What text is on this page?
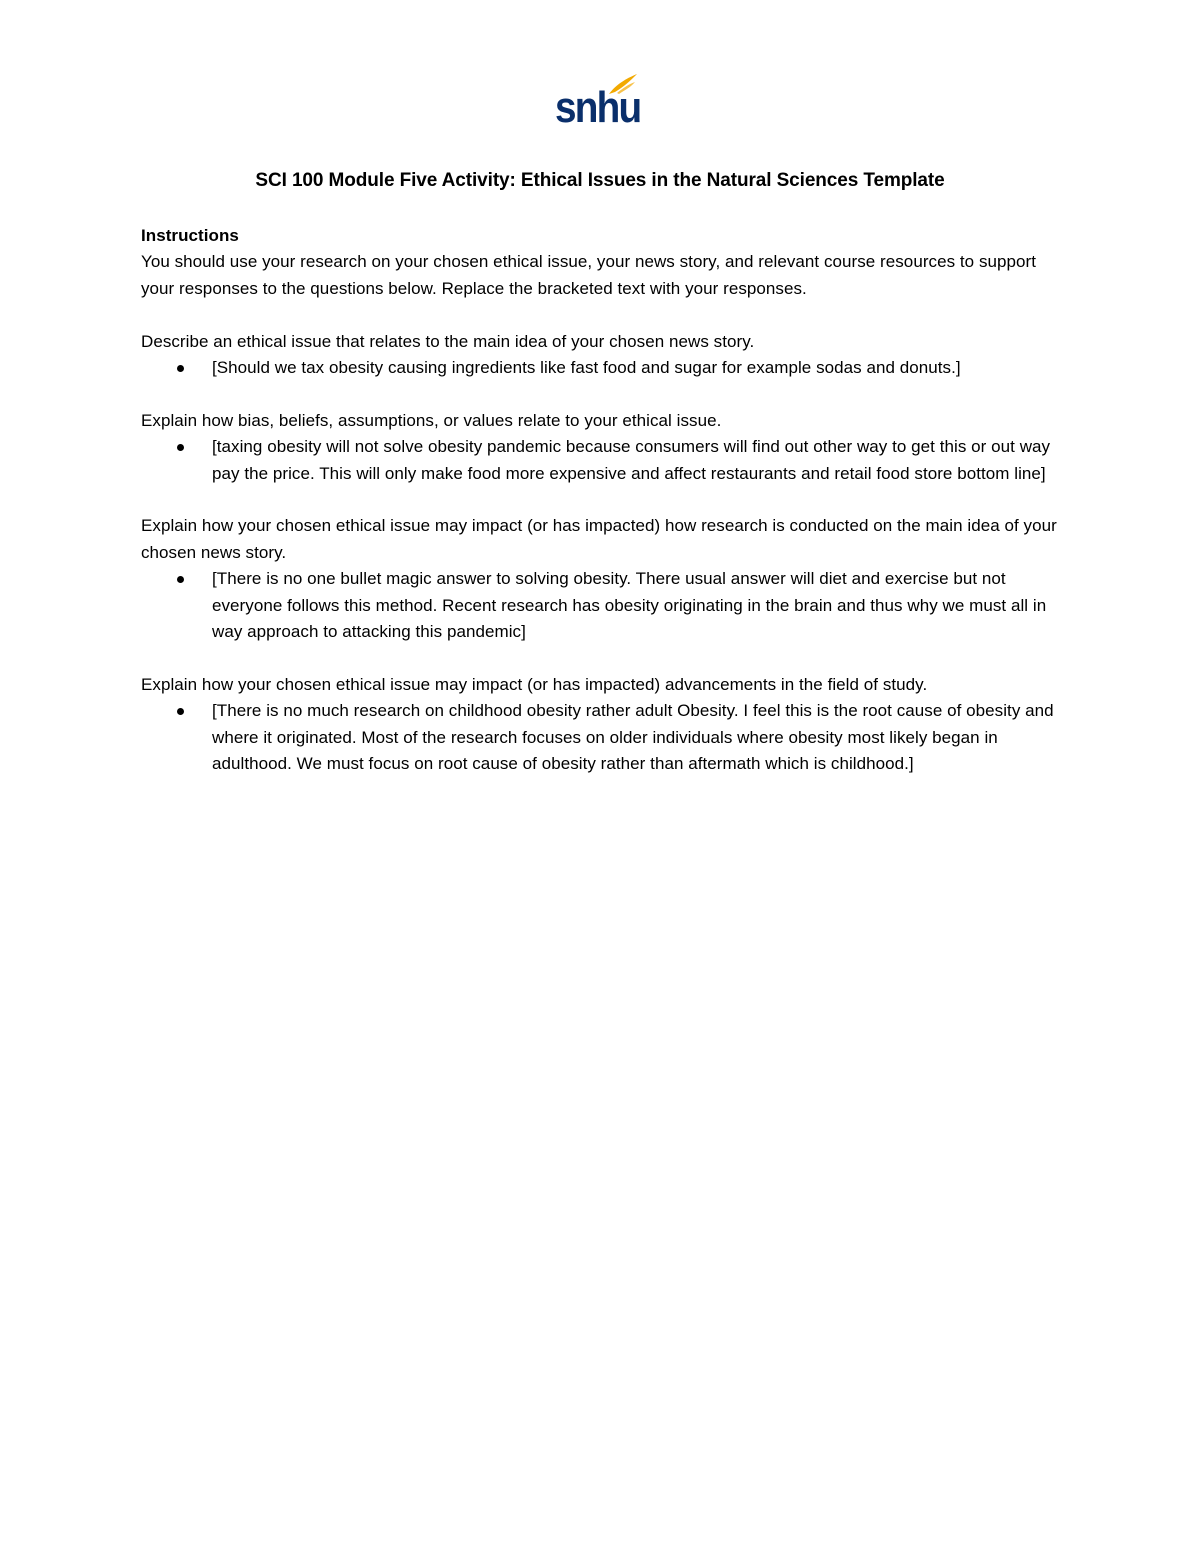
snhu
SCI 100 Module Five Activity: Ethical Issues in the Natural Sciences Template

Instructions

You should use your research on your chosen ethical issue, your news story, and relevant course resources to support your responses to the questions below. Replace the bracketed text with your responses.

Describe an ethical issue that relates to the main idea of your chosen news story.

[Should we tax obesity causing ingredients like fast food and sugar for example sodas and donuts.]

Explain how bias, beliefs, assumptions, or values relate to your ethical issue.

[taxing obesity will not solve obesity pandemic because consumers will find out other way to get this or out way pay the price. This will only make food more expensive and affect restaurants and retail food store bottom line]

Explain how your chosen ethical issue may impact (or has impacted) how research is conducted on the main idea of your chosen news story.

[There is no one bullet magic answer to solving obesity. There usual answer will diet and exercise but not everyone follows this method. Recent research has obesity originating in the brain and thus why we must all in way approach to attacking this pandemic]

Explain how your chosen ethical issue may impact (or has impacted) advancements in the field of study.

[There is no much research on childhood obesity rather adult Obesity. I feel this is the root cause of obesity and where it originated. Most of the research focuses on older individuals where obesity most likely began in adulthood. We must focus on root cause of obesity rather than aftermath which is childhood.]
